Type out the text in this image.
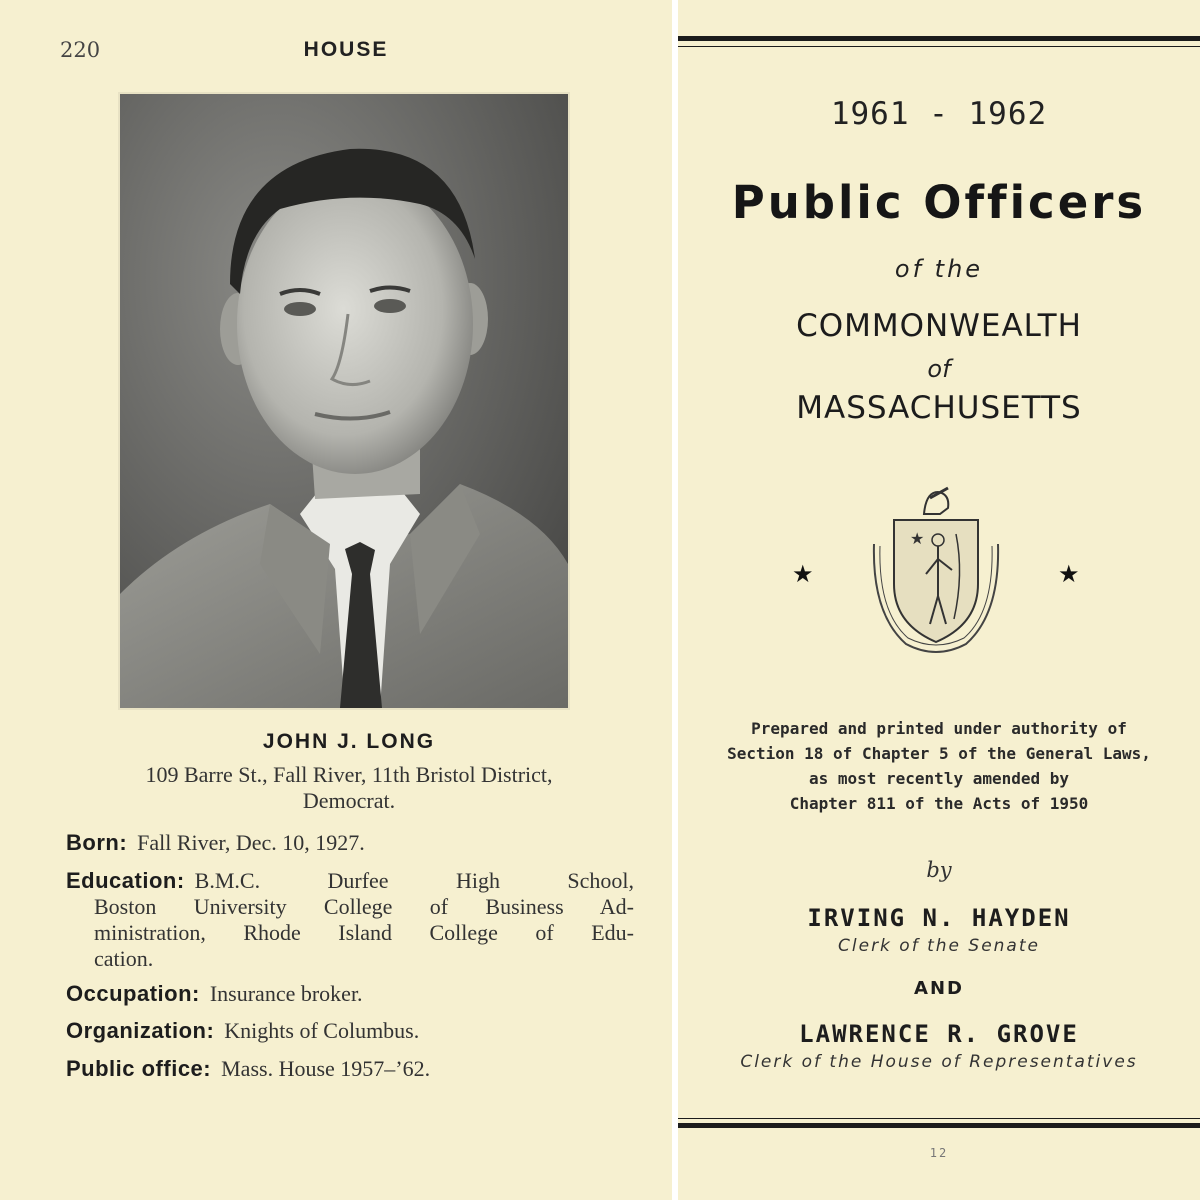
220	HOUSE
JOHN J. LONG
109 Barre St., Fall River, 11th Bristol District,
Democrat.
Born: Fall River, Dec. 10, 1927.
Education: B.M.C. Durfee High School,
Boston University College of Business Ad-
ministration, Rhode Island College of Edu-
cation.
Occupation: Insurance broker.
Organization: Knights of Columbus.
Public office: Mass. House 1957–’62.
1961 - 1962
Public Officers
of the
COMMONWEALTH
of
MASSACHUSETTS
★	★
★
Prepared and printed under authority of
Section 18 of Chapter 5 of the General Laws,
as most recently amended by
Chapter 811 of the Acts of 1950
by
IRVING N. HAYDEN
Clerk of the Senate
AND
LAWRENCE R. GROVE
Clerk of the House of Representatives
12
